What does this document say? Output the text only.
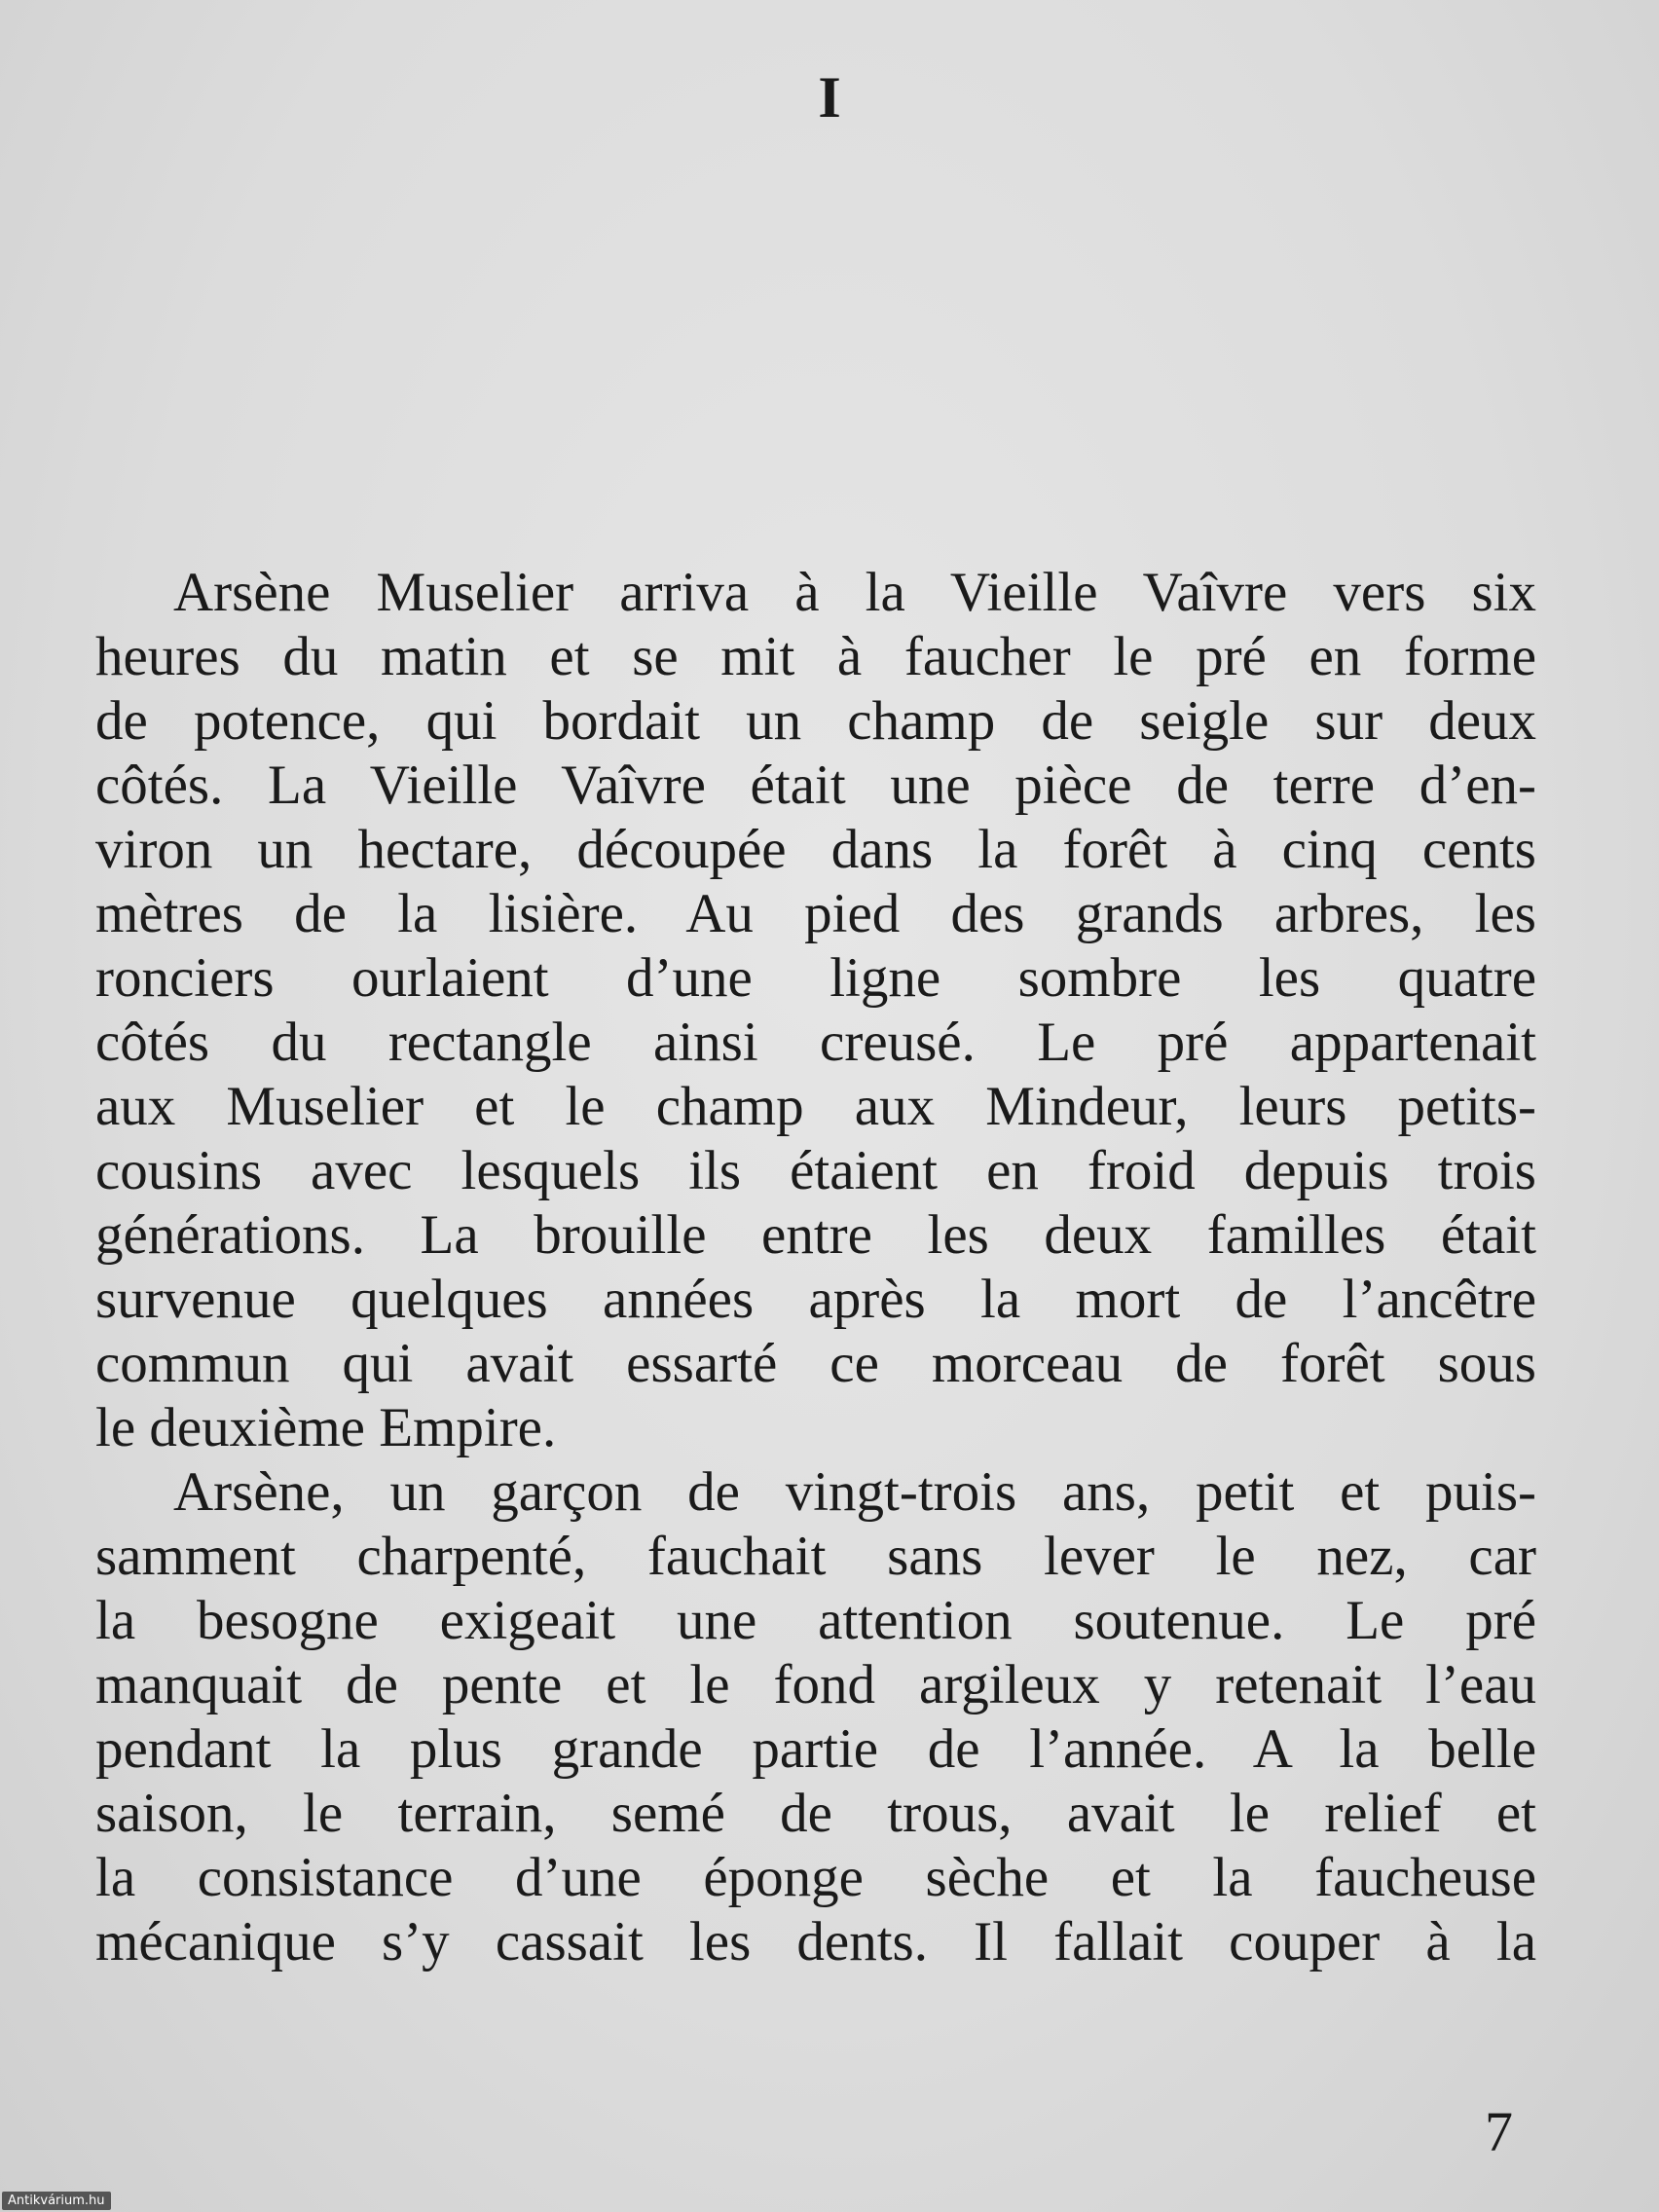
I
Arsène Muselier arriva à la Vieille Vaîvre vers six
heures du matin et se mit à faucher le pré en forme
de potence, qui bordait un champ de seigle sur deux
côtés. La Vieille Vaîvre était une pièce de terre d’en-
viron un hectare, découpée dans la forêt à cinq cents
mètres de la lisière. Au pied des grands arbres, les
ronciers ourlaient d’une ligne sombre les quatre
côtés du rectangle ainsi creusé. Le pré appartenait
aux Muselier et le champ aux Mindeur, leurs petits-
cousins avec lesquels ils étaient en froid depuis trois
générations. La brouille entre les deux familles était
survenue quelques années après la mort de l’ancêtre
commun qui avait essarté ce morceau de forêt sous
le deuxième Empire.
Arsène, un garçon de vingt-trois ans, petit et puis-
samment charpenté, fauchait sans lever le nez, car
la besogne exigeait une attention soutenue. Le pré
manquait de pente et le fond argileux y retenait l’eau
pendant la plus grande partie de l’année. A la belle
saison, le terrain, semé de trous, avait le relief et
la consistance d’une éponge sèche et la faucheuse
mécanique s’y cassait les dents. Il fallait couper à la
7
Antikvárium.hu
